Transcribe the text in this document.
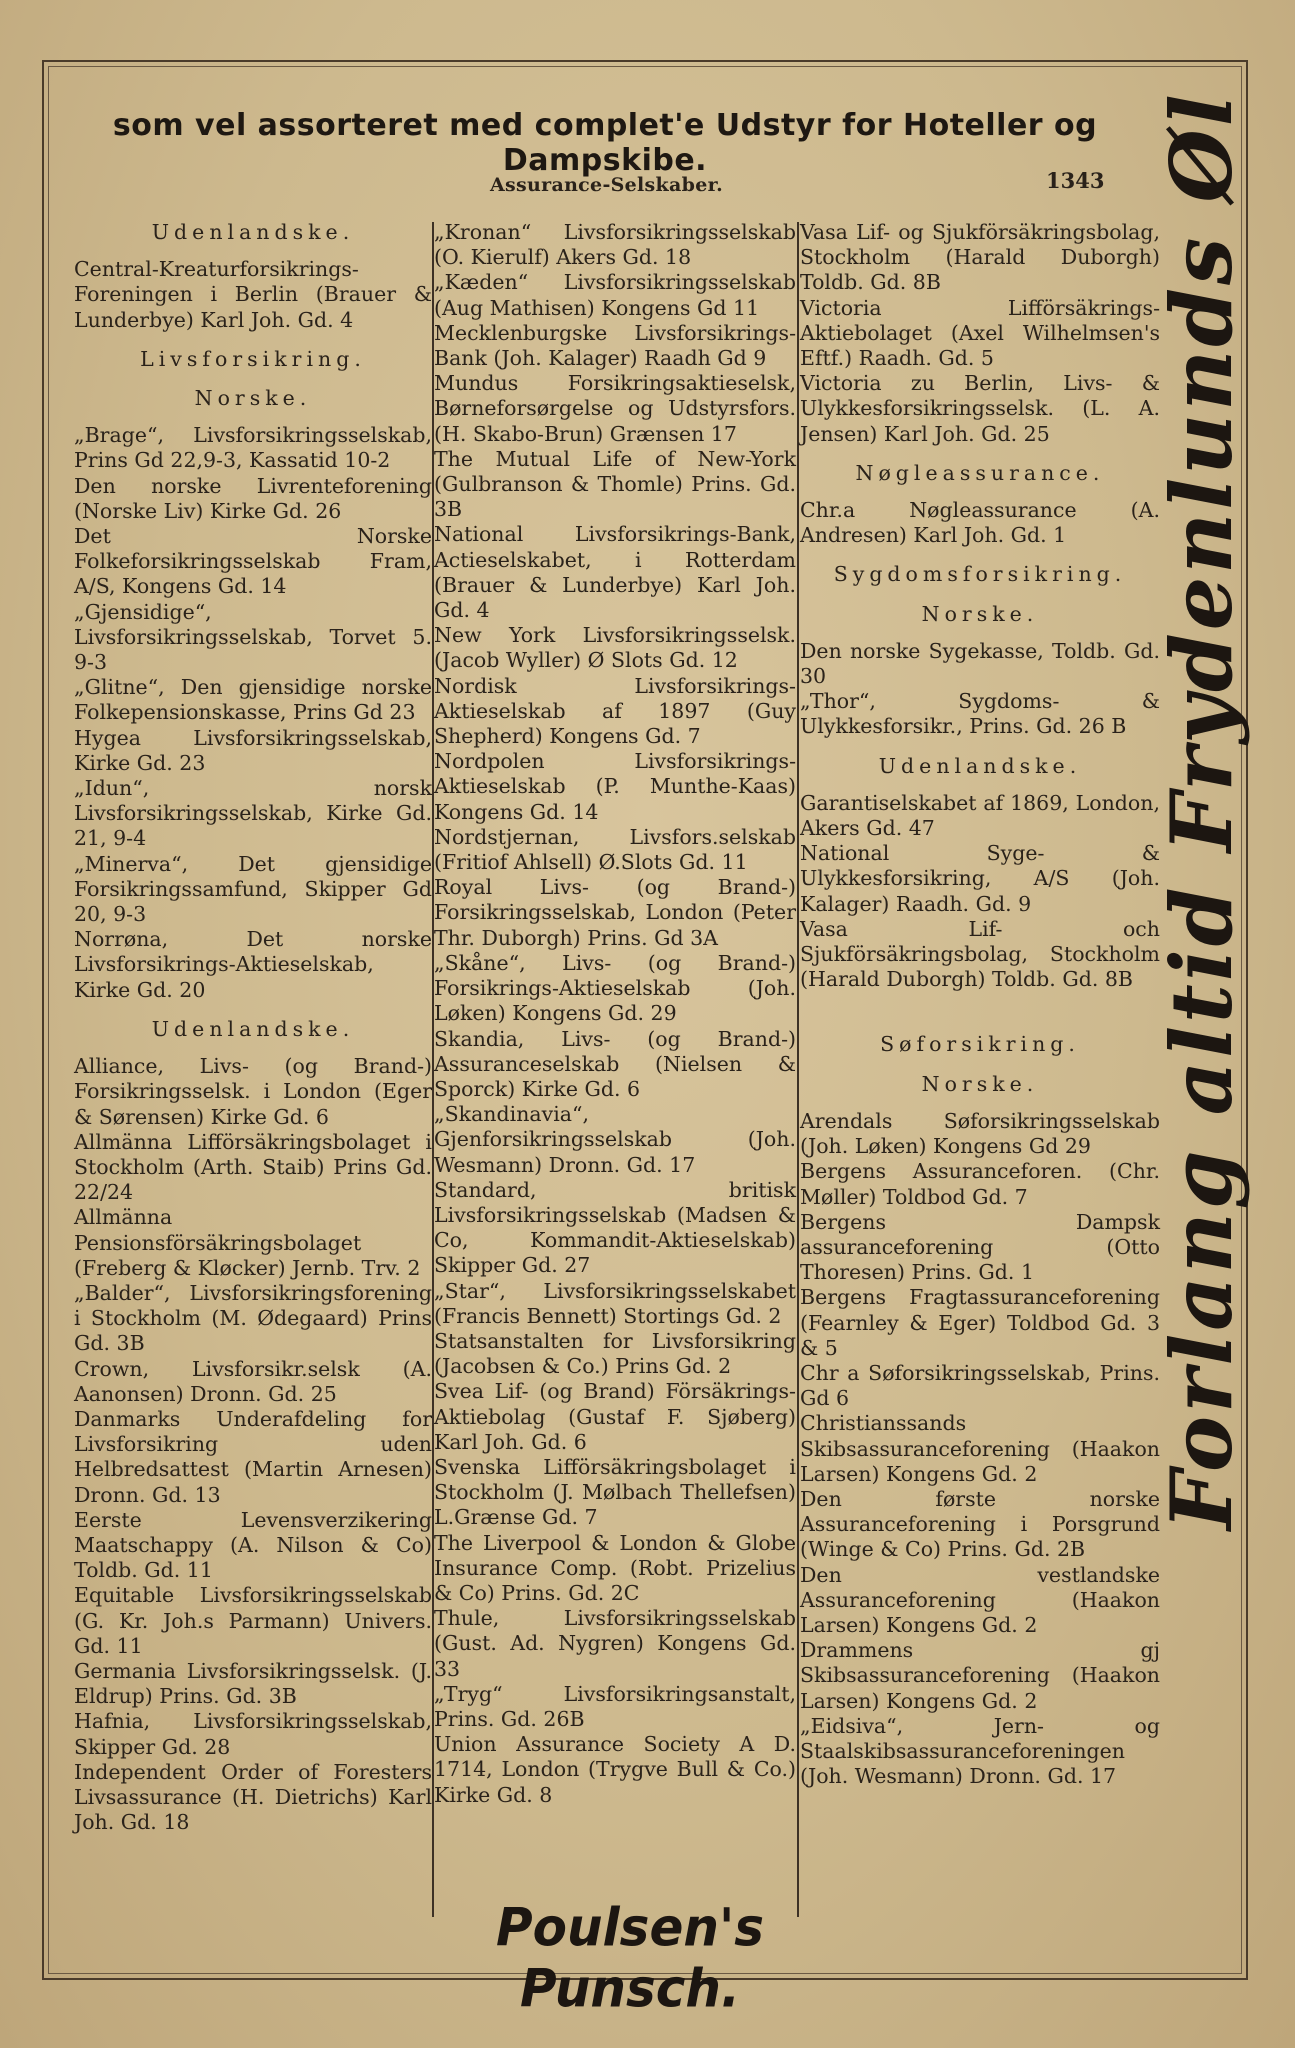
som vel assorteret med complet'e Udstyr for Hoteller og Dampskibe.
Assurance-Selskaber.	1343

Udenlandske.

Central-Kreaturforsikrings-Foreningen i Berlin (Brauer & Lunderbye) Karl Joh. Gd. 4

Livsforsikring.

Norske.

„Brage“, Livsforsikringsselskab, Prins Gd 22,9-3, Kassatid 10-2

Den norske Livrenteforening (Norske Liv) Kirke Gd. 26

Det Norske Folkeforsikringsselskab Fram, A/S, Kongens Gd. 14

„Gjensidige“, Livsforsikringsselskab, Torvet 5. 9-3

„Glitne“, Den gjensidige norske Folkepensionskasse, Prins Gd 23

Hygea Livsforsikringsselskab, Kirke Gd. 23

„Idun“, norsk Livsforsikringsselskab, Kirke Gd. 21, 9-4

„Minerva“, Det gjensidige Forsikringssamfund, Skipper Gd 20, 9-3

Norrøna, Det norske Livsforsikrings-Aktieselskab, Kirke Gd. 20

Udenlandske.

Alliance, Livs- (og Brand-) Forsikringsselsk. i London (Eger & Sørensen) Kirke Gd. 6

Allmänna Lifförsäkringsbolaget i Stockholm (Arth. Staib) Prins Gd. 22/24

Allmänna Pensionsförsäkringsbolaget (Freberg & Kløcker) Jernb. Trv. 2

„Balder“, Livsforsikringsforening i Stockholm (M. Ødegaard) Prins Gd. 3B

Crown, Livsforsikr.selsk (A. Aanonsen) Dronn. Gd. 25

Danmarks Underafdeling for Livsforsikring uden Helbredsattest (Martin Arnesen) Dronn. Gd. 13

Eerste Levensverzikering Maatschappy (A. Nilson & Co) Toldb. Gd. 11

Equitable Livsforsikringsselskab (G. Kr. Joh.s Parmann) Univers. Gd. 11

Germania Livsforsikringsselsk. (J. Eldrup) Prins. Gd. 3B

Hafnia, Livsforsikringsselskab, Skipper Gd. 28

Independent Order of Foresters Livsassurance (H. Dietrichs) Karl Joh. Gd. 18

„Kronan“ Livsforsikringsselskab (O. Kierulf) Akers Gd. 18

„Kæden“ Livsforsikringsselskab (Aug Mathisen) Kongens Gd 11

Mecklenburgske Livsforsikrings-Bank (Joh. Kalager) Raadh Gd 9

Mundus Forsikringsaktieselsk, Børneforsørgelse og Udstyrsfors. (H. Skabo-Brun) Grænsen 17

The Mutual Life of New-York (Gulbranson & Thomle) Prins. Gd. 3B

National Livsforsikrings-Bank, Actieselskabet, i Rotterdam (Brauer & Lunderbye) Karl Joh. Gd. 4

New York Livsforsikringsselsk. (Jacob Wyller) Ø Slots Gd. 12

Nordisk Livsforsikrings-Aktieselskab af 1897 (Guy Shepherd) Kongens Gd. 7

Nordpolen Livsforsikrings-Aktieselskab (P. Munthe-Kaas) Kongens Gd. 14

Nordstjernan, Livsfors.selskab (Fritiof Ahlsell) Ø.Slots Gd. 11

Royal Livs- (og Brand-) Forsikringsselskab, London (Peter Thr. Duborgh) Prins. Gd 3A

„Skåne“, Livs- (og Brand-) Forsikrings-Aktieselskab (Joh. Løken) Kongens Gd. 29

Skandia, Livs- (og Brand-) Assuranceselskab (Nielsen & Sporck) Kirke Gd. 6

„Skandinavia“, Gjenforsikringsselskab (Joh. Wesmann) Dronn. Gd. 17

Standard, britisk Livsforsikringsselskab (Madsen & Co, Kommandit-Aktieselskab) Skipper Gd. 27

„Star“, Livsforsikringsselskabet (Francis Bennett) Stortings Gd. 2

Statsanstalten for Livsforsikring (Jacobsen & Co.) Prins Gd. 2

Svea Lif- (og Brand) Försäkrings-Aktiebolag (Gustaf F. Sjøberg) Karl Joh. Gd. 6

Svenska Lifförsäkringsbolaget i Stockholm (J. Mølbach Thellefsen) L.Grænse Gd. 7

The Liverpool & London & Globe Insurance Comp. (Robt. Prizelius & Co) Prins. Gd. 2C

Thule, Livsforsikringsselskab (Gust. Ad. Nygren) Kongens Gd. 33

„Tryg“ Livsforsikringsanstalt, Prins. Gd. 26B

Union Assurance Society A D. 1714, London (Trygve Bull & Co.) Kirke Gd. 8

Vasa Lif- og Sjukförsäkringsbolag, Stockholm (Harald Duborgh) Toldb. Gd. 8B

Victoria Lifförsäkrings-Aktiebolaget (Axel Wilhelmsen's Eftf.) Raadh. Gd. 5

Victoria zu Berlin, Livs- & Ulykkesforsikringsselsk. (L. A. Jensen) Karl Joh. Gd. 25

Nøgleassurance.

Chr.a Nøgleassurance (A. Andresen) Karl Joh. Gd. 1

Sygdomsforsikring.

Norske.

Den norske Sygekasse, Toldb. Gd. 30

„Thor“, Sygdoms- & Ulykkesforsikr., Prins. Gd. 26 B

Udenlandske.

Garantiselskabet af 1869, London, Akers Gd. 47

National Syge- & Ulykkesforsikring, A/S (Joh. Kalager) Raadh. Gd. 9

Vasa Lif- och Sjukförsäkringsbolag, Stockholm (Harald Duborgh) Toldb. Gd. 8B

Søforsikring.

Norske.

Arendals Søforsikringsselskab (Joh. Løken) Kongens Gd 29

Bergens Assuranceforen. (Chr. Møller) Toldbod Gd. 7

Bergens Dampsk assuranceforening (Otto Thoresen) Prins. Gd. 1

Bergens Fragtassuranceforening (Fearnley & Eger) Toldbod Gd. 3 & 5

Chr a Søforsikringsselskab, Prins. Gd 6

Christianssands Skibsassuranceforening (Haakon Larsen) Kongens Gd. 2

Den første norske Assuranceforening i Porsgrund (Winge & Co) Prins. Gd. 2B

Den vestlandske Assuranceforening (Haakon Larsen) Kongens Gd. 2

Drammens gj Skibsassuranceforening (Haakon Larsen) Kongens Gd. 2

„Eidsiva“, Jern- og Staalskibsassuranceforeningen (Joh. Wesmann) Dronn. Gd. 17

Forlang altid Frydenlunds Øl
Poulsen's Punsch.
